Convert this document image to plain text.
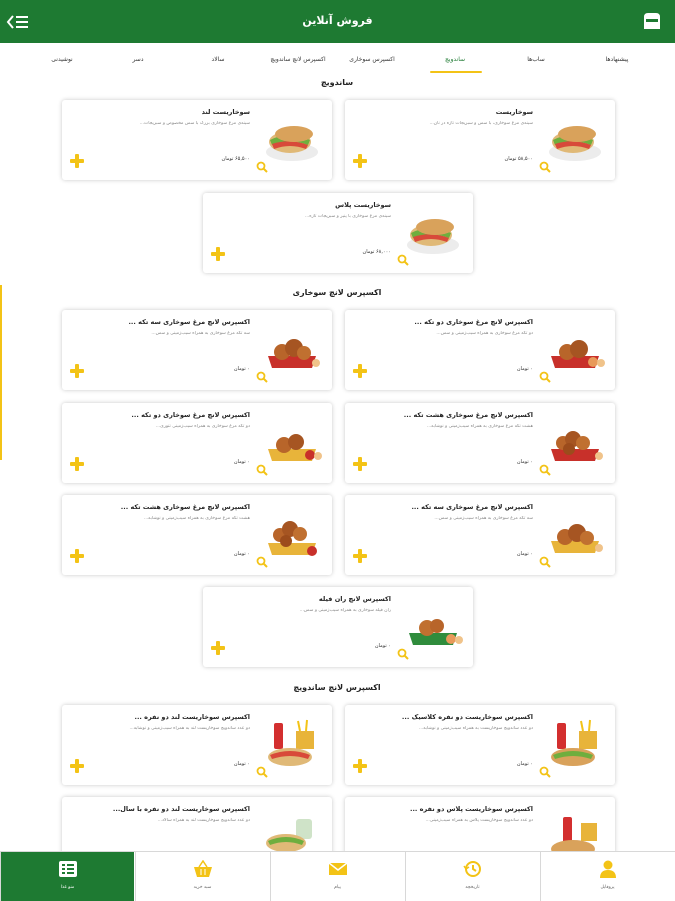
فروش آنلاین
پیشنهادها
ساب‌ها
ساندویچ
اکسپرس سوخاری
اکسپرس لانچ ساندویچ
سالاد
دسر
نوشیدنی
ساندویچ
سوخاریست
سینه‌ی مرغ سوخاری، با سس و سبزیجات تازه در نان...
۵۸,۵۰۰ تومان
سوخاریست لند
سینه‌ی مرغ سوخاری بزرگ با سس مخصوص و سبزیجات...
۶۵,۵۰۰ تومان
سوخاریست پلاس
سینه‌ی مرغ سوخاری با پنیر و سبزیجات تازه...
۶۸,۰۰۰ تومان
اکسپرس لانچ سوخاری
اکسپرس لانچ مرغ سوخاری دو تکه ...
دو تکه مرغ سوخاری به همراه سیب‌زمینی و سس...
۰ تومان
اکسپرس لانچ مرغ سوخاری سه تکه ...
سه تکه مرغ سوخاری به همراه سیب‌زمینی و سس...
۰ تومان
اکسپرس لانچ مرغ سوخاری هشت تکه ...
هشت تکه مرغ سوخاری به همراه سیب‌زمینی و نوشابه...
۰ تومان
اکسپرس لانچ مرغ سوخاری دو تکه ...
دو تکه مرغ سوخاری به همراه سیب‌زمینی تنوری...
۰ تومان
اکسپرس لانچ مرغ سوخاری سه تکه ...
سه تکه مرغ سوخاری به همراه سیب‌زمینی و سس...
۰ تومان
اکسپرس لانچ مرغ سوخاری هشت تکه ...
هشت تکه مرغ سوخاری به همراه سیب‌زمینی و نوشابه...
۰ تومان
اکسپرس لانچ ران فیله
ران فیله سوخاری به همراه سیب‌زمینی و سس...
۰ تومان
اکسپرس لانچ ساندویچ
اکسپرس سوخاریست دو نفره کلاسیک ...
دو عدد ساندویچ سوخاریست به همراه سیب‌زمینی و نوشابه...
۰ تومان
اکسپرس سوخاریست لند دو نفره ...
دو عدد ساندویچ سوخاریست لند به همراه سیب‌زمینی و نوشابه...
۰ تومان
اکسپرس سوخاریست پلاس دو نفره ...
دو عدد ساندویچ سوخاریست پلاس به همراه سیب‌زمینی...
اکسپرس سوخاریست لند دو نفره با سال...
دو عدد ساندویچ سوخاریست لند به همراه سالاد...
پروفایل
تاریخچه
پیام
سبد خرید
منو غذا
